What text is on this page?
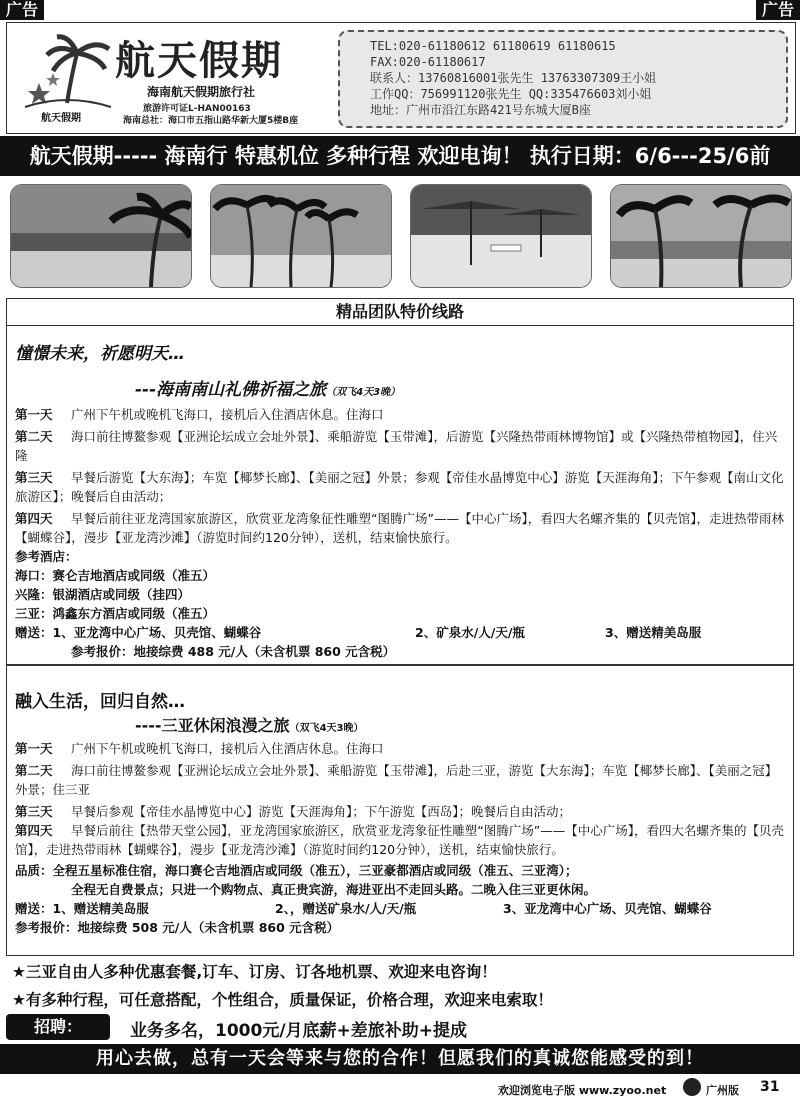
广告	广告
航天假期
航天假期
海南航天假期旅行社
旅游许可证L-HAN00163
海南总社：海口市五指山路华新大厦5楼B座
TEL:020-61180612 61180619 61180615
FAX:020-61180617
联系人：13760816001张先生 13763307309王小姐
工作QQ：756991120张先生 QQ:335476603刘小姐
地址：广州市沿江东路421号东城大厦B座
航天假期----- 海南行 特惠机位 多种行程 欢迎电询！ 执行日期：6/6---25/6前
精品团队特价线路
憧憬未来，祈愿明天…
---海南南山礼佛祈福之旅（双飞4天3晚）
第一天 广州下午机或晚机飞海口，接机后入住酒店休息。住海口
第二天 海口前往博鳌参观【亚洲论坛成立会址外景】、乘船游览【玉带滩】，后游览【兴隆热带雨林博物馆】或【兴隆热带植物园】，住兴隆
第三天 早餐后游览【大东海】；车览【椰梦长廊】、【美丽之冠】外景；参观【帝佳水晶博览中心】游览【天涯海角】；下午参观【南山文化旅游区】；晚餐后自由活动；
第四天 早餐后前往亚龙湾国家旅游区，欣赏亚龙湾象征性雕塑“图腾广场”——【中心广场】，看四大名螺齐集的【贝壳馆】，走进热带雨林【蝴蝶谷】，漫步【亚龙湾沙滩】（游览时间约120分钟），送机，结束愉快旅行。
参考酒店：
海口：赛仑吉地酒店或同级（准五）
兴隆：银湖酒店或同级（挂四）
三亚：鸿鑫东方酒店或同级（准五）
赠送：1、亚龙湾中心广场、贝壳馆、蝴蝶谷	2、矿泉水/人/天/瓶	3、赠送精美岛服
参考报价：地接综费 488 元/人（未含机票 860 元含税）
融入生活，回归自然…
----三亚休闲浪漫之旅（双飞4天3晚）
第一天 广州下午机或晚机飞海口，接机后入住酒店休息。住海口
第二天 海口前往博鳌参观【亚洲论坛成立会址外景】、乘船游览【玉带滩】，后赴三亚，游览【大东海】；车览【椰梦长廊】、【美丽之冠】外景；住三亚
第三天 早餐后参观【帝佳水晶博览中心】游览【天涯海角】；下午游览【西岛】；晚餐后自由活动；
第四天 早餐后前往【热带天堂公园】，亚龙湾国家旅游区，欣赏亚龙湾象征性雕塑“图腾广场”——【中心广场】，看四大名螺齐集的【贝壳馆】，走进热带雨林【蝴蝶谷】，漫步【亚龙湾沙滩】（游览时间约120分钟），送机，结束愉快旅行。
品质：全程五星标准住宿，海口赛仑吉地酒店或同级（准五），三亚豪都酒店或同级（准五、三亚湾）；
全程无自费景点；只进一个购物点、真正贵宾游，海进亚出不走回头路。二晚入住三亚更休闲。
赠送：1、赠送精美岛服	2、，赠送矿泉水/人/天/瓶	3、亚龙湾中心广场、贝壳馆、蝴蝶谷
参考报价：地接综费 508 元/人（未含机票 860 元含税）
★三亚自由人多种优惠套餐,订车、订房、订各地机票、欢迎来电咨询！
★有多种行程，可任意搭配，个性组合，质量保证，价格合理，欢迎来电索取！
招聘：	业务多名，1000元/月底薪+差旅补助+提成
用心去做，总有一天会等来与您的合作！但愿我们的真诚您能感受的到！
欢迎浏览电子版 www.zyoo.net	广州版 31
